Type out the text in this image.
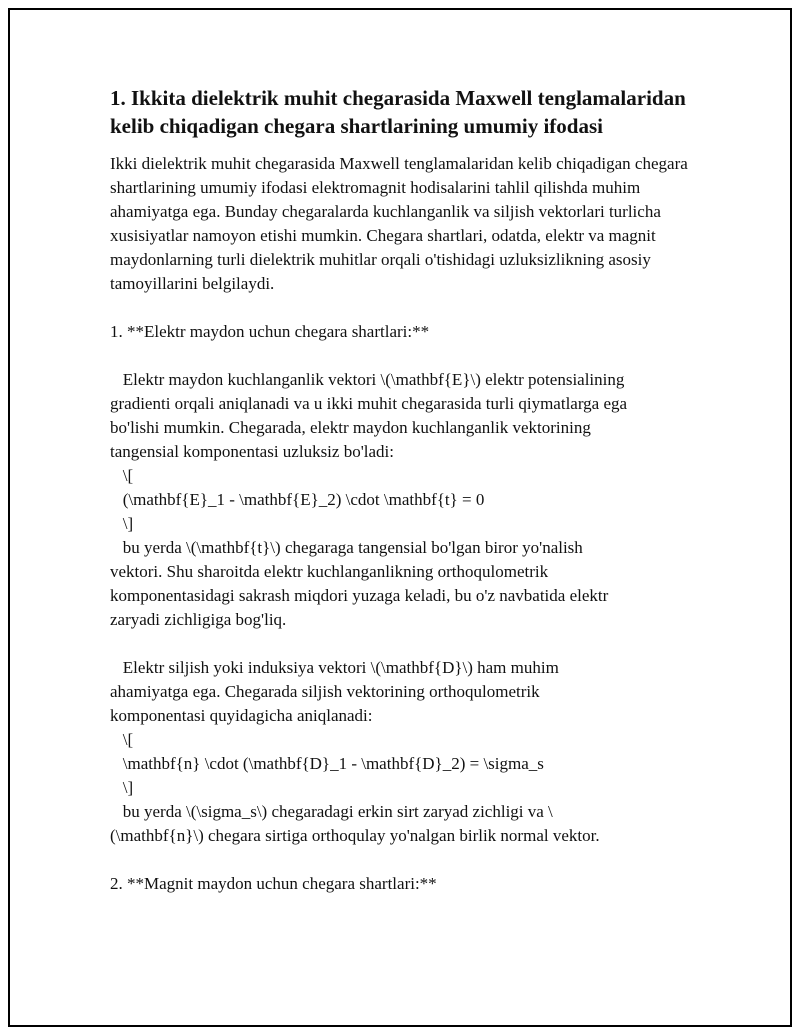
1. Ikkita dielektrik muhit chegarasida Maxwell tenglamalaridan kelib chiqadigan chegara shartlarining umumiy ifodasi

Ikki dielektrik muhit chegarasida Maxwell tenglamalaridan kelib chiqadigan chegara shartlarining umumiy ifodasi elektromagnit hodisalarini tahlil qilishda muhim ahamiyatga ega. Bunday chegaralarda kuchlanganlik va siljish vektorlari turlicha xusisiyatlar namoyon etishi mumkin. Chegara shartlari, odatda, elektr va magnit maydonlarning turli dielektrik muhitlar orqali o'tishidagi uzluksizlikning asosiy tamoyillarini belgilaydi.

1. **Elektr maydon uchun chegara shartlari:**
Elektr maydon kuchlanganlik vektori \(\mathbf{E}\) elektr potensialining
gradienti orqali aniqlanadi va u ikki muhit chegarasida turli qiymatlarga ega
bo'lishi mumkin. Chegarada, elektr maydon kuchlanganlik vektorining
tangensial komponentasi uzluksiz bo'ladi:
\[
(\mathbf{E}_1 - \mathbf{E}_2) \cdot \mathbf{t} = 0
\]
bu yerda \(\mathbf{t}\) chegaraga tangensial bo'lgan biror yo'nalish
vektori. Shu sharoitda elektr kuchlanganlikning orthoqulometrik
komponentasidagi sakrash miqdori yuzaga keladi, bu o'z navbatida elektr
zaryadi zichligiga bog'liq.
Elektr siljish yoki induksiya vektori \(\mathbf{D}\) ham muhim
ahamiyatga ega. Chegarada siljish vektorining orthoqulometrik
komponentasi quyidagicha aniqlanadi:
\[
\mathbf{n} \cdot (\mathbf{D}_1 - \mathbf{D}_2) = \sigma_s
\]
bu yerda \(\sigma_s\) chegaradagi erkin sirt zaryad zichligi va \
(\mathbf{n}\) chegara sirtiga orthoqulay yo'nalgan birlik normal vektor.
2. **Magnit maydon uchun chegara shartlari:**
